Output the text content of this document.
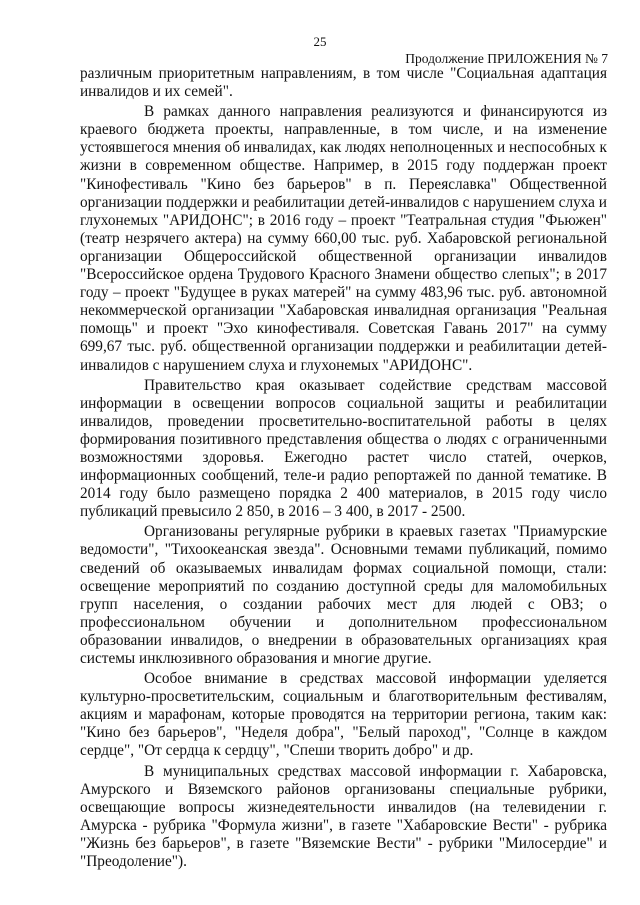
25
Продолжение ПРИЛОЖЕНИЯ № 7

различным приоритетным направлениям, в том числе "Социальная адаптация инвалидов и их семей".

В рамках данного направления реализуются и финансируются из краевого бюджета проекты, направленные, в том числе, и на изменение устоявшегося мнения об инвалидах, как людях неполноценных и неспособных к жизни в современном обществе. Например, в 2015 году поддержан проект "Кинофестиваль "Кино без барьеров" в п. Переяславка" Общественной организации поддержки и реабилитации детей-инвалидов с нарушением слуха и глухонемых "АРИДОНС"; в 2016 году – проект "Театральная студия "Фьюжен" (театр незрячего актера) на сумму 660,00 тыс. руб. Хабаровской региональной организации Общероссийской общественной организации инвалидов "Всероссийское ордена Трудового Красного Знамени общество слепых"; в 2017 году – проект "Будущее в руках матерей" на сумму 483,96 тыс. руб. автономной некоммерческой организации "Хабаровская инвалидная организация "Реальная помощь" и проект "Эхо кинофестиваля. Советская Гавань 2017" на сумму 699,67 тыс. руб. общественной организации поддержки и реабилитации детей-инвалидов с нарушением слуха и глухонемых "АРИДОНС".

Правительство края оказывает содействие средствам массовой информации в освещении вопросов социальной защиты и реабилитации инвалидов, проведении просветительно-воспитательной работы в целях формирования позитивного представления общества о людях с ограниченными возможностями здоровья. Ежегодно растет число статей, очерков, информационных сообщений, теле-и радио репортажей по данной тематике. В 2014 году было размещено порядка 2 400 материалов, в 2015 году число публикаций превысило 2 850, в 2016 – 3 400, в 2017 - 2500.

Организованы регулярные рубрики в краевых газетах "Приамурские ведомости", "Тихоокеанская звезда". Основными темами публикаций, помимо сведений об оказываемых инвалидам формах социальной помощи, стали: освещение мероприятий по созданию доступной среды для маломобильных групп населения, о создании рабочих мест для людей с ОВЗ; о профессиональном обучении и дополнительном профессиональном образовании инвалидов, о внедрении в образовательных организациях края системы инклюзивного образования и многие другие.

Особое внимание в средствах массовой информации уделяется культурно-просветительским, социальным и благотворительным фестивалям, акциям и марафонам, которые проводятся на территории региона, таким как: "Кино без барьеров", "Неделя добра", "Белый пароход", "Солнце в каждом сердце", "От сердца к сердцу", "Спеши творить добро" и др.

В муниципальных средствах массовой информации г. Хабаровска, Амурского и Вяземского районов организованы специальные рубрики, освещающие вопросы жизнедеятельности инвалидов (на телевидении г. Амурска - рубрика "Формула жизни", в газете "Хабаровские Вести" - рубрика "Жизнь без барьеров", в газете "Вяземские Вести" - рубрики "Милосердие" и "Преодоление").
